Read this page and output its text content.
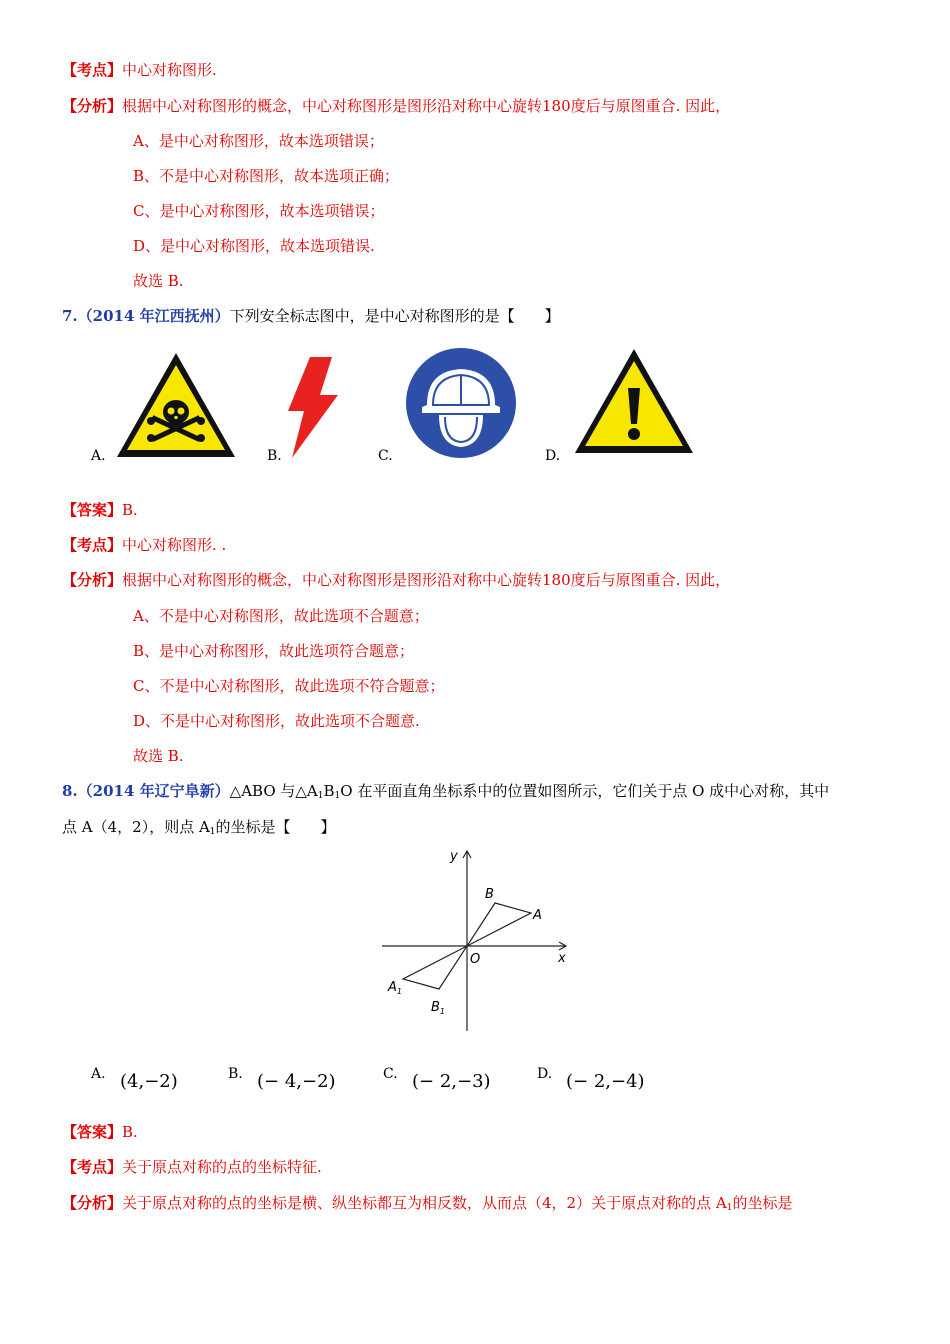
【考点】中心对称图形.
【分析】根据中心对称图形的概念，中心对称图形是图形沿对称中心旋转180度后与原图重合. 因此，
A、是中心对称图形，故本选项错误；
B、不是中心对称图形，故本选项正确；
C、是中心对称图形，故本选项错误；
D、是中心对称图形，故本选项错误.
故选 B.
7.（2014 年江西抚州）下列安全标志图中，是中心对称图形的是【　　】
A.	B.	C.	D.
【答案】B.
【考点】中心对称图形. .
【分析】根据中心对称图形的概念，中心对称图形是图形沿对称中心旋转180度后与原图重合. 因此，
A、不是中心对称图形，故此选项不合题意；
B、是中心对称图形，故此选项符合题意；
C、不是中心对称图形，故此选项不符合题意；
D、不是中心对称图形，故此选项不合题意.
故选 B.
8.（2014 年辽宁阜新）△ABO 与$\triangle A_1B_1O$ 在平面直角坐标系中的位置如图所示，它们关于点 O 成中心对称，其中
点 A（4，2），则点 $A_1$的坐标是【　　】
x
y
O
A
B
$A_1$
$B_1$
A. (4,−2)	B. (− 4,−2)	C. (− 2,−3)	D. (− 2,−4)
【答案】B.
【考点】关于原点对称的点的坐标特征.
【分析】关于原点对称的点的坐标是横、纵坐标都互为相反数，从而点（4，2）关于原点对称的点 $A_1$的坐标是
